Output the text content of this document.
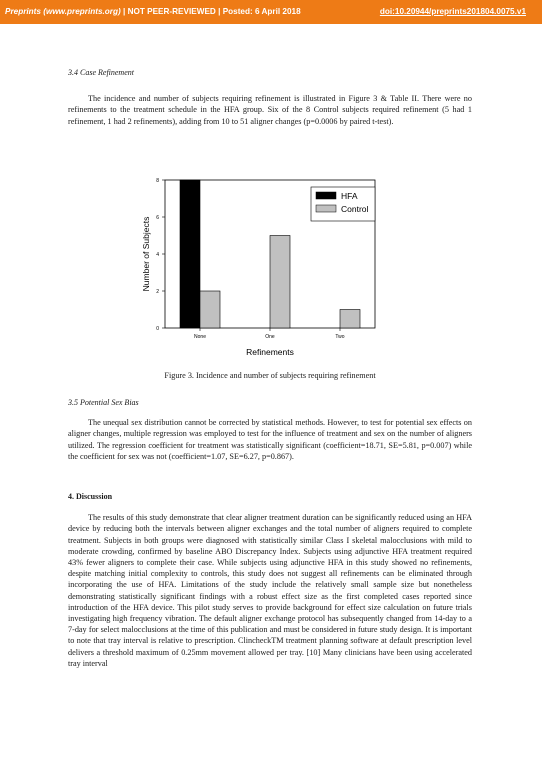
Preprints (www.preprints.org) | NOT PEER-REVIEWED | Posted: 6 April 2018	doi:10.20944/preprints201804.0075.v1
3.4 Case Refinement

The incidence and number of subjects requiring refinement is illustrated in Figure 3 & Table II. There were no refinements to the treatment schedule in the HFA group. Six of the 8 Control subjects required refinement (5 had 1 refinement, 1 had 2 refinements), adding from 10 to 51 aligner changes (p=0.0006 by paired t-test).

0
2
4
6
8
None	One	Two
Refinements
Number of Subjects
HFA
Control
Figure 3. Incidence and number of subjects requiring refinement
3.5 Potential Sex Bias

The unequal sex distribution cannot be corrected by statistical methods. However, to test for potential sex effects on aligner changes, multiple regression was employed to test for the influence of treatment and sex on the number of aligners utilized. The regression coefficient for treatment was statistically significant (coefficient=18.71, SE=5.81, p=0.007) while the coefficient for sex was not (coefficient=1.07, SE=6.27, p=0.867).

4. Discussion

The results of this study demonstrate that clear aligner treatment duration can be significantly reduced using an HFA device by reducing both the intervals between aligner exchanges and the total number of aligners required to complete treatment. Subjects in both groups were diagnosed with statistically similar Class I skeletal malocclusions with mild to moderate crowding, confirmed by baseline ABO Discrepancy Index. Subjects using adjunctive HFA treatment required 43% fewer aligners to complete their case. While subjects using adjunctive HFA in this study showed no refinements, despite matching initial complexity to controls, this study does not suggest all refinements can be eliminated through incorporating the use of HFA. Limitations of the study include the relatively small sample size but nonetheless demonstrating statistically significant findings with a robust effect size as the first completed cases reported since introduction of the HFA device. This pilot study serves to provide background for effect size calculation on future trials investigating high frequency vibration. The default aligner exchange protocol has subsequently changed from 14-day to a 7-day for select malocclusions at the time of this publication and must be considered in future study design. It is important to note that tray interval is relative to prescription. ClincheckTM treatment planning software at default prescription level delivers a threshold maximum of 0.25mm movement allowed per tray. [10] Many clinicians have been using accelerated tray interval
